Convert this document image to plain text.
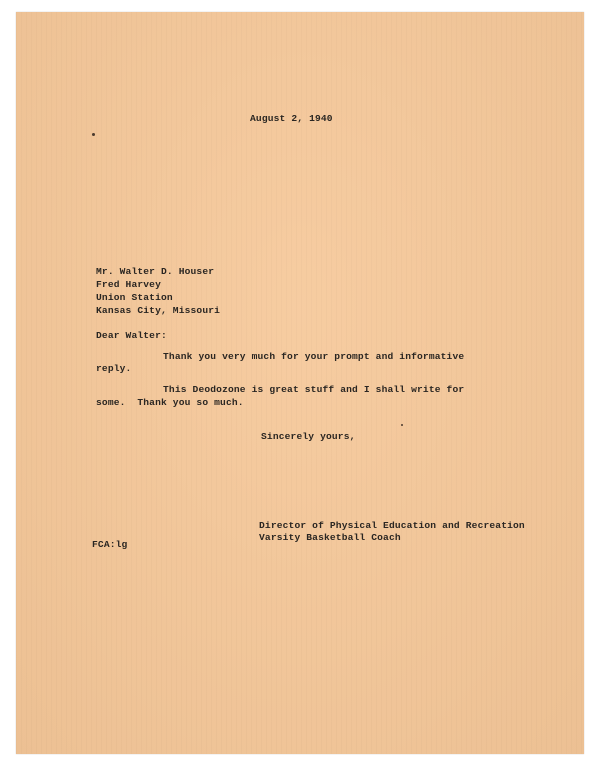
August 2, 1940
Mr. Walter D. Houser
Fred Harvey
Union Station
Kansas City, Missouri
Dear Walter:
Thank you very much for your prompt and informative
reply.
This Deodozone is great stuff and I shall write for
some.  Thank you so much.
Sincerely yours,
Director of Physical Education and Recreation
Varsity Basketball Coach
FCA:lg
